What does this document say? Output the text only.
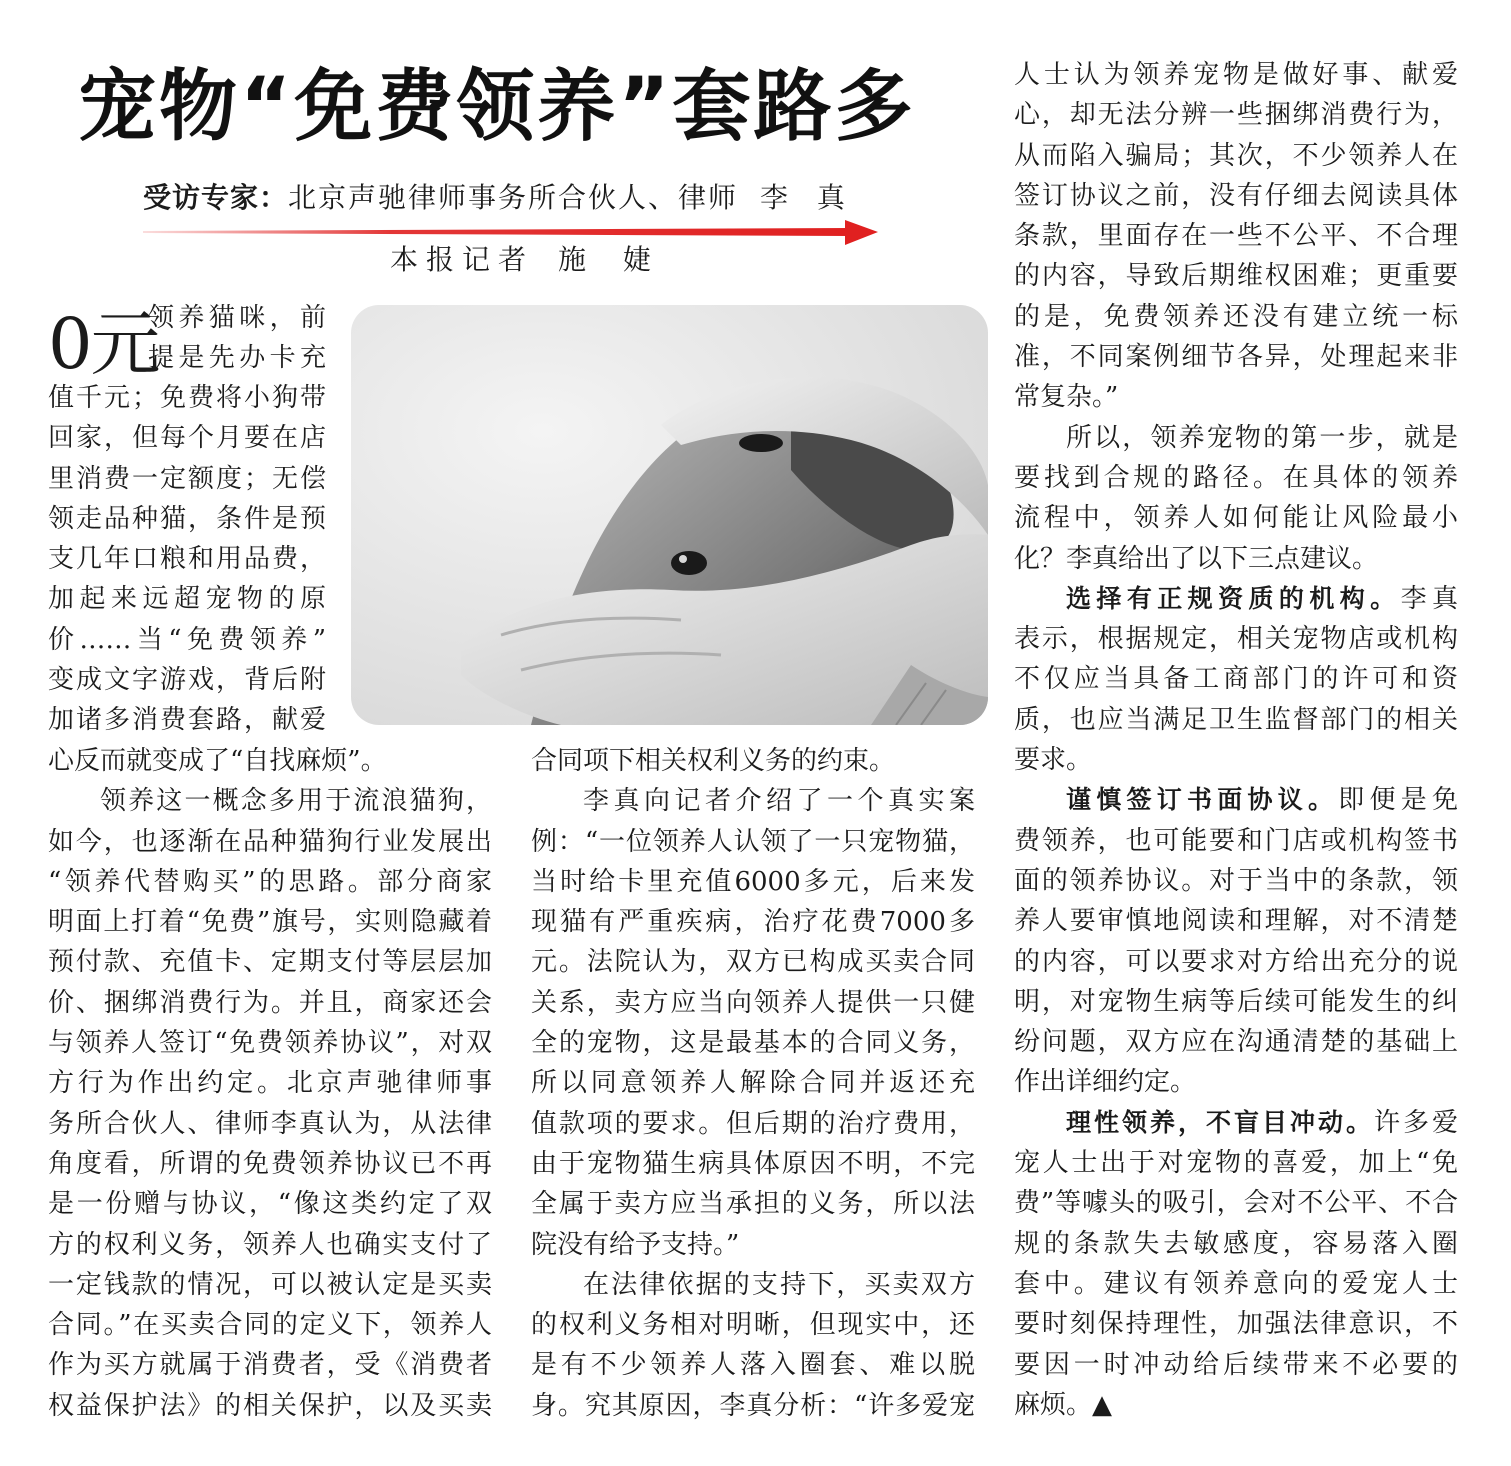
宠物“免费领养”套路多
受访专家：北京声驰律师事务所合伙人、律师 李 真
本报记者 施 婕
0元
领养猫咪，前
提是先办卡充
值千元；免费将小狗带
回家，但每个月要在店
里消费一定额度；无偿
领走品种猫，条件是预
支几年口粮和用品费，
加起来远超宠物的原
价……当“免费领养”
变成文字游戏，背后附
加诸多消费套路，献爱
心反而就变成了“自找麻烦”。
领养这一概念多用于流浪猫狗，
如今，也逐渐在品种猫狗行业发展出
“领养代替购买”的思路。部分商家
明面上打着“免费”旗号，实则隐藏着
预付款、充值卡、定期支付等层层加
价、捆绑消费行为。并且，商家还会
与领养人签订“免费领养协议”，对双
方行为作出约定。北京声驰律师事
务所合伙人、律师李真认为，从法律
角度看，所谓的免费领养协议已不再
是一份赠与协议，“像这类约定了双
方的权利义务，领养人也确实支付了
一定钱款的情况，可以被认定是买卖
合同。”在买卖合同的定义下，领养人
作为买方就属于消费者，受《消费者
权益保护法》的相关保护，以及买卖
合同项下相关权利义务的约束。
李真向记者介绍了一个真实案
例：“一位领养人认领了一只宠物猫，
当时给卡里充值6000多元，后来发
现猫有严重疾病，治疗花费7000多
元。法院认为，双方已构成买卖合同
关系，卖方应当向领养人提供一只健
全的宠物，这是最基本的合同义务，
所以同意领养人解除合同并返还充
值款项的要求。但后期的治疗费用，
由于宠物猫生病具体原因不明，不完
全属于卖方应当承担的义务，所以法
院没有给予支持。”
在法律依据的支持下，买卖双方
的权利义务相对明晰，但现实中，还
是有不少领养人落入圈套、难以脱
身。究其原因，李真分析：“许多爱宠
人士认为领养宠物是做好事、献爱
心，却无法分辨一些捆绑消费行为，
从而陷入骗局；其次，不少领养人在
签订协议之前，没有仔细去阅读具体
条款，里面存在一些不公平、不合理
的内容，导致后期维权困难；更重要
的是，免费领养还没有建立统一标
准，不同案例细节各异，处理起来非
常复杂。”
所以，领养宠物的第一步，就是
要找到合规的路径。在具体的领养
流程中，领养人如何能让风险最小
化？李真给出了以下三点建议。
选择有正规资质的机构。李真
表示，根据规定，相关宠物店或机构
不仅应当具备工商部门的许可和资
质，也应当满足卫生监督部门的相关
要求。
谨慎签订书面协议。即便是免
费领养，也可能要和门店或机构签书
面的领养协议。对于当中的条款，领
养人要审慎地阅读和理解，对不清楚
的内容，可以要求对方给出充分的说
明，对宠物生病等后续可能发生的纠
纷问题，双方应在沟通清楚的基础上
作出详细约定。
理性领养，不盲目冲动。许多爱
宠人士出于对宠物的喜爱，加上“免
费”等噱头的吸引，会对不公平、不合
规的条款失去敏感度，容易落入圈
套中。建议有领养意向的爱宠人士
要时刻保持理性，加强法律意识，不
要因一时冲动给后续带来不必要的
麻烦。▲
